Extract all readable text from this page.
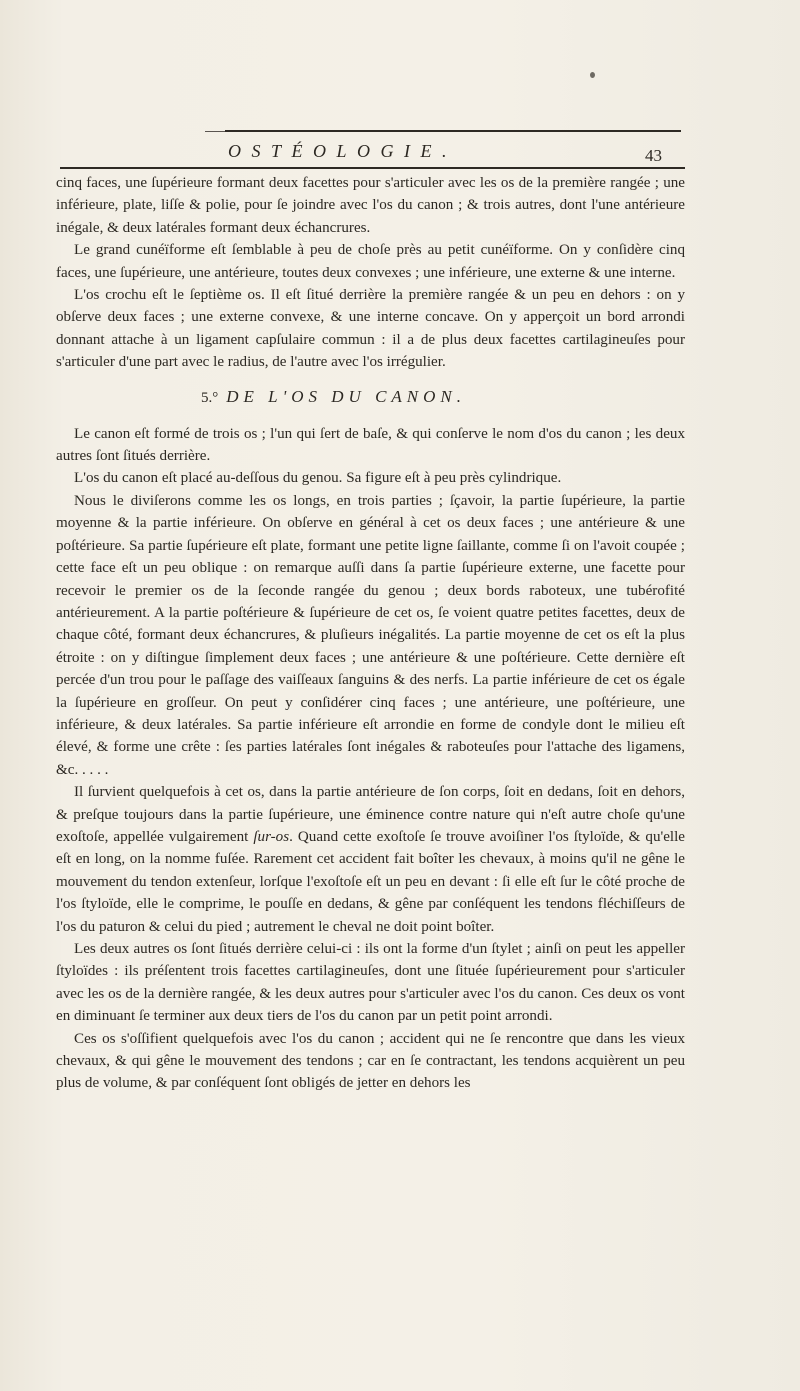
OSTÉOLOGIE.	43

cinq faces, une ſupérieure formant deux facettes pour s'articuler avec les os de la première rangée ; une inférieure, plate, liſſe & polie, pour ſe joindre avec l'os du canon ; & trois autres, dont l'une antérieure inégale, & deux latérales formant deux échancrures.

Le grand cunéïforme eſt ſemblable à peu de choſe près au petit cunéïforme. On y conſidère cinq faces, une ſupérieure, une antérieure, toutes deux convexes ; une inférieure, une externe & une interne.

L'os crochu eſt le ſeptième os. Il eſt ſitué derrière la première rangée & un peu en dehors : on y obſerve deux faces ; une externe convexe, & une interne concave. On y apperçoit un bord arrondi donnant attache à un ligament capſulaire commun : il a de plus deux facettes cartilagineuſes pour s'articuler d'une part avec le radius, de l'autre avec l'os irrégulier.

5.° DE L'OS DU CANON.

Le canon eſt formé de trois os ; l'un qui ſert de baſe, & qui conſerve le nom d'os du canon ; les deux autres ſont ſitués derrière.

L'os du canon eſt placé au-deſſous du genou. Sa figure eſt à peu près cylindrique.

Nous le diviſerons comme les os longs, en trois parties ; ſçavoir, la partie ſupérieure, la partie moyenne & la partie inférieure. On obſerve en général à cet os deux faces ; une antérieure & une poſtérieure. Sa partie ſupérieure eſt plate, formant une petite ligne ſaillante, comme ſi on l'avoit coupée ; cette face eſt un peu oblique : on remarque auſſi dans ſa partie ſupérieure externe, une facette pour recevoir le premier os de la ſeconde rangée du genou ; deux bords raboteux, une tubérofité antérieurement. A la partie poſtérieure & ſupérieure de cet os, ſe voient quatre petites facettes, deux de chaque côté, formant deux échancrures, & pluſieurs inégalités. La partie moyenne de cet os eſt la plus étroite : on y diſtingue ſimplement deux faces ; une antérieure & une poſtérieure. Cette dernière eſt percée d'un trou pour le paſſage des vaiſſeaux ſanguins & des nerfs. La partie inférieure de cet os égale la ſupérieure en groſſeur. On peut y conſidérer cinq faces ; une antérieure, une poſtérieure, une inférieure, & deux latérales. Sa partie inférieure eſt arrondie en forme de condyle dont le milieu eſt élevé, & forme une crête : ſes parties latérales ſont inégales & raboteuſes pour l'attache des ligamens, &c. . . . .

Il ſurvient quelquefois à cet os, dans la partie antérieure de ſon corps, ſoit en dedans, ſoit en dehors, & preſque toujours dans la partie ſupérieure, une éminence contre nature qui n'eſt autre choſe qu'une exoſtoſe, appellée vulgairement ſur-os. Quand cette exoſtoſe ſe trouve avoiſiner l'os ſtyloïde, & qu'elle eſt en long, on la nomme fuſée. Rarement cet accident fait boîter les chevaux, à moins qu'il ne gêne le mouvement du tendon extenſeur, lorſque l'exoſtoſe eſt un peu en devant : ſi elle eſt ſur le côté proche de l'os ſtyloïde, elle le comprime, le pouſſe en dedans, & gêne par conſéquent les tendons fléchiſſeurs de l'os du paturon & celui du pied ; autrement le cheval ne doit point boîter.

Les deux autres os ſont ſitués derrière celui-ci : ils ont la forme d'un ſtylet ; ainſi on peut les appeller ſtyloïdes : ils préſentent trois facettes cartilagineuſes, dont une ſituée ſupérieurement pour s'articuler avec les os de la dernière rangée, & les deux autres pour s'articuler avec l'os du canon. Ces deux os vont en diminuant ſe terminer aux deux tiers de l'os du canon par un petit point arrondi.

Ces os s'oſſifient quelquefois avec l'os du canon ; accident qui ne ſe rencontre que dans les vieux chevaux, & qui gêne le mouvement des tendons ; car en ſe contractant, les tendons acquièrent un peu plus de volume, & par conſéquent ſont obligés de jetter en dehors les
